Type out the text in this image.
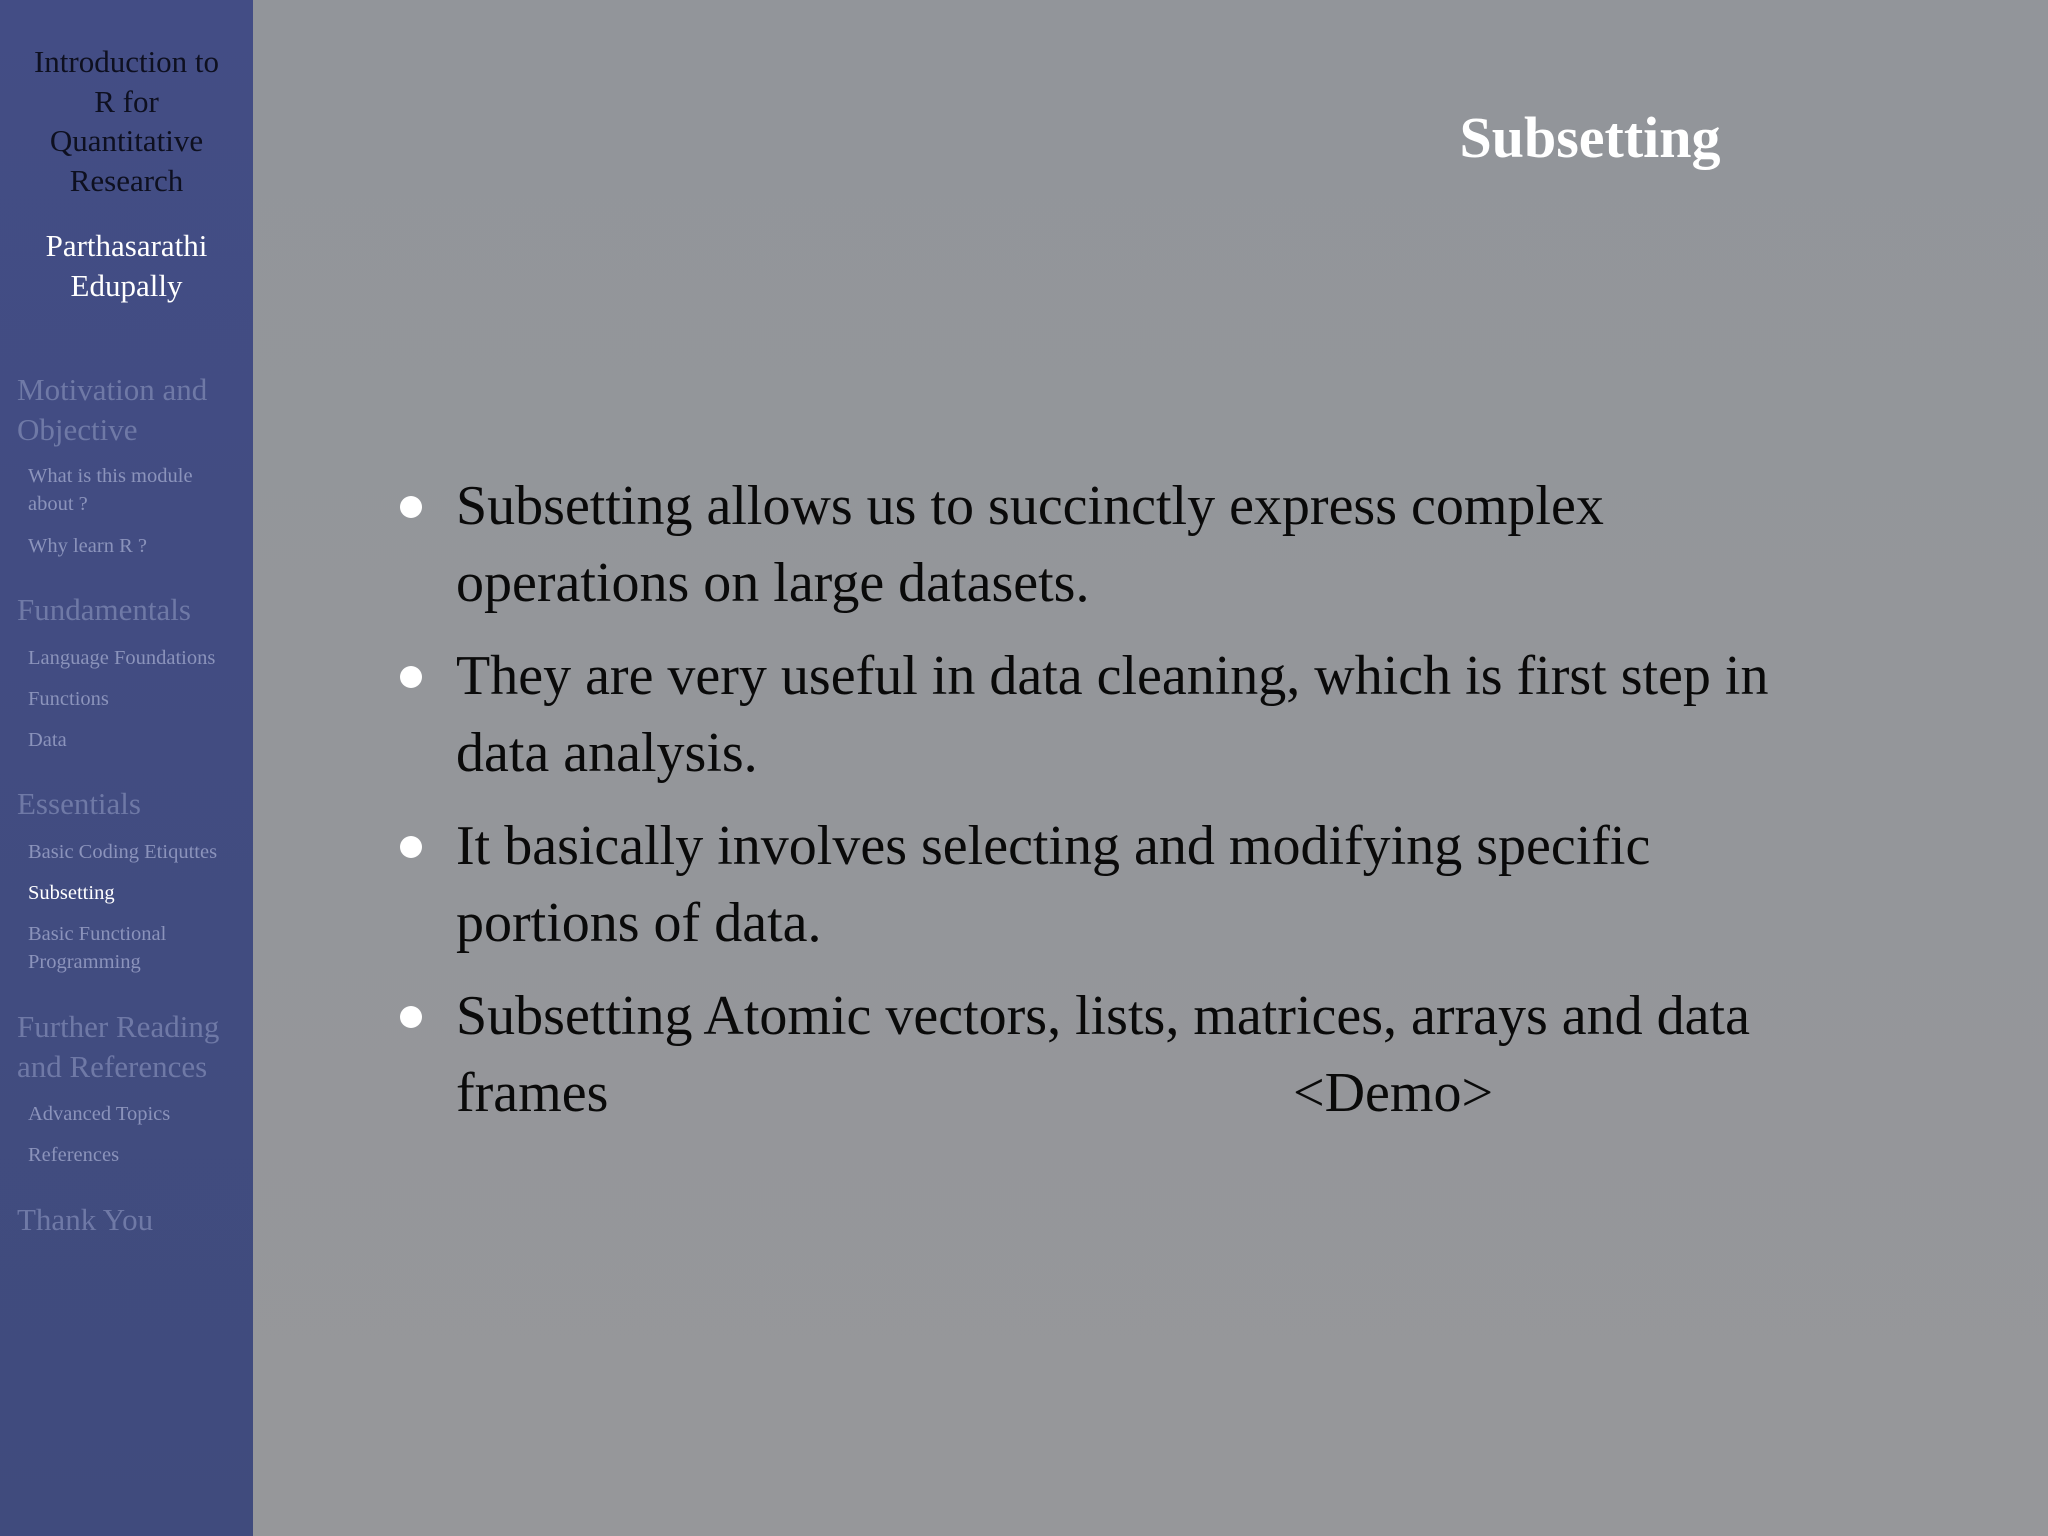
Introduction to
R for
Quantitative
Research
Parthasarathi
Edupally
Motivation and
Objective
What is this module
about ?
Why learn R ?
Fundamentals
Language Foundations
Functions
Data
Essentials
Basic Coding Etiquttes
Subsetting
Basic Functional
Programming
Further Reading
and References
Advanced Topics
References
Thank You
Subsetting
Subsetting allows us to succinctly express complex
operations on large datasets.
They are very useful in data cleaning, which is first step in
data analysis.
It basically involves selecting and modifying specific
portions of data.
Subsetting Atomic vectors, lists, matrices, arrays and data
frames	<Demo>
